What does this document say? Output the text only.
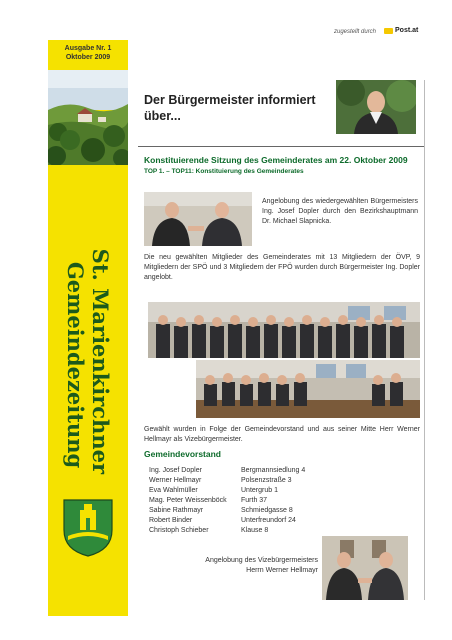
Ausgabe Nr. 1
Oktober 2009
St. Marienkirchner Gemeindezeitung
zugestellt durch	Post.at
Der Bürgermeister informiert über...
Konstituierende Sitzung des Gemeinderates am 22. Oktober 2009
TOP 1. – TOP11: Konstituierung des Gemeinderates
Angelobung des wiedergewählten Bürgermeisters Ing. Josef Dopler durch den Bezirkshauptmann Dr. Michael Slapnicka.
Die neu gewählten Mitglieder des Gemeinderates mit 13 Mitgliedern der ÖVP, 9 Mitgliedern der SPÖ und 3 Mitgliedern der FPÖ wurden durch Bürgermeister Ing. Dopler angelobt.
Gewählt wurden in Folge der Gemeindevorstand und aus seiner Mitte Herr Werner Hellmayr als Vizebürgermeister.
Gemeindevorstand
Ing. Josef Dopler	Bergmannsiedlung 4
Werner Hellmayr	Polsenzstraße 3
Eva Wahlmüller	Untergrub 1
Mag. Peter Weissenböck	Furth 37
Sabine Rathmayr	Schmiedgasse 8
Robert Binder	Unterfreundorf 24
Christoph Schieber	Klause 8
Angelobung des Vizebürgermeisters
Herrn Werner Hellmayr
